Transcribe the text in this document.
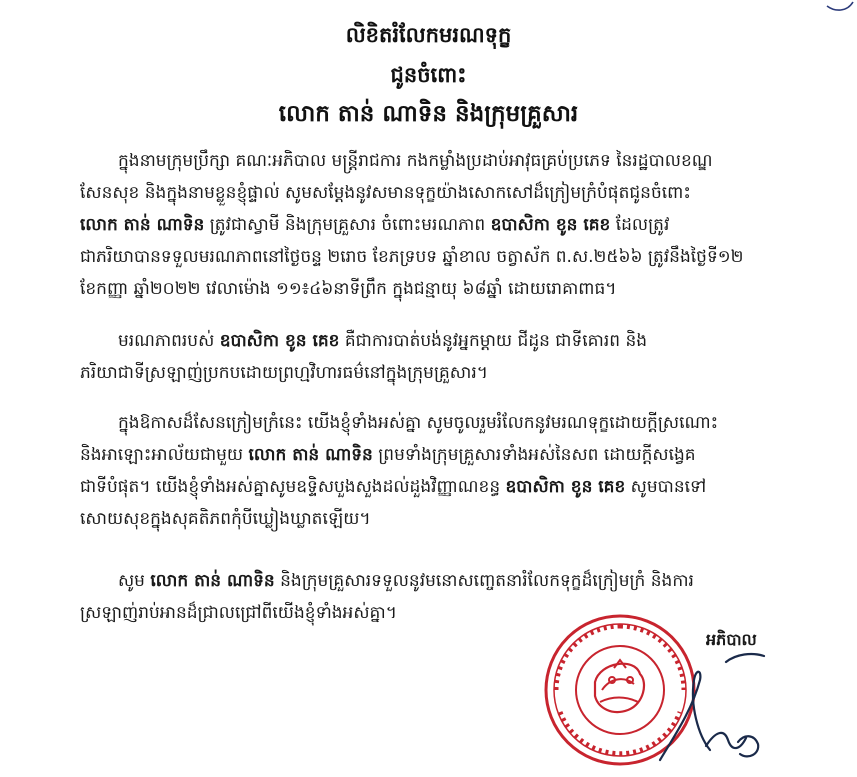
លិខិតរំលែកមរណទុក្ខ
ជូនចំពោះ
លោក តាន់ ណាទិន និងក្រុមគ្រួសារ
ក្នុងនាមក្រុមប្រឹក្សា គណៈអភិបាល មន្ត្រីរាជការ កងកម្លាំងប្រដាប់អាវុធគ្រប់ប្រភេទ នៃរដ្ឋបាលខណ្ឌ
សែនសុខ និងក្នុងនាមខ្លួនខ្ញុំផ្ទាល់ សូមសម្តែងនូវសមានទុក្ខយ៉ាងសោកសៅដ៏ក្រៀមក្រំបំផុតជូនចំពោះ
លោក តាន់ ណាទិន ត្រូវជាស្វាមី និងក្រុមគ្រួសារ ចំពោះមរណភាព ឧបាសិកា ខូន គេខ ដែលត្រូវ
ជាភរិយាបានទទួលមរណភាពនៅថ្ងៃចន្ទ ២រោច ខែភទ្របទ ឆ្នាំខាល ចត្វាស័ក ព.ស.២៥៦៦ ត្រូវនឹងថ្ងៃទី១២
ខែកញ្ញា ឆ្នាំ២០២២ វេលាម៉ោង ១១៖៤៦នាទីព្រឹក ក្នុងជន្មាយុ ៦៨ឆ្នាំ ដោយរោគាពាធ។
មរណភាពរបស់ ឧបាសិកា ខូន គេខ គឺជាការបាត់បង់នូវអ្នកម្តាយ ជីដូន ជាទីគោរព និង
ភរិយាជាទីស្រឡាញ់ប្រកបដោយព្រហ្មវិហារធម៌នៅក្នុងក្រុមគ្រួសារ។
ក្នុងឱកាសដ៏សែនក្រៀមក្រំនេះ យើងខ្ញុំទាំងអស់គ្នា សូមចូលរួមរំលែកនូវមរណទុក្ខដោយក្តីស្រណោះ
និងអាឡោះអាល័យជាមួយ លោក តាន់ ណាទិន ព្រមទាំងក្រុមគ្រួសារទាំងអស់នៃសព ដោយក្តីសង្វេគ
ជាទីបំផុត។ យើងខ្ញុំទាំងអស់គ្នាសូមឧទ្ទិសបួងសួងដល់ដួងវិញ្ញាណខន្ធ ឧបាសិកា ខូន គេខ សូមបានទៅ
សោយសុខក្នុងសុគតិភពកុំបីឃ្លៀងឃ្លាតឡើយ។
សូម លោក តាន់ ណាទិន និងក្រុមគ្រួសារទទួលនូវមនោសញ្ចេតនារំលែកទុក្ខដ៏ក្រៀមក្រំ និងការ
ស្រឡាញ់រាប់អានដ៏ជ្រាលជ្រៅពីយើងខ្ញុំទាំងអស់គ្នា។
អភិបាល
